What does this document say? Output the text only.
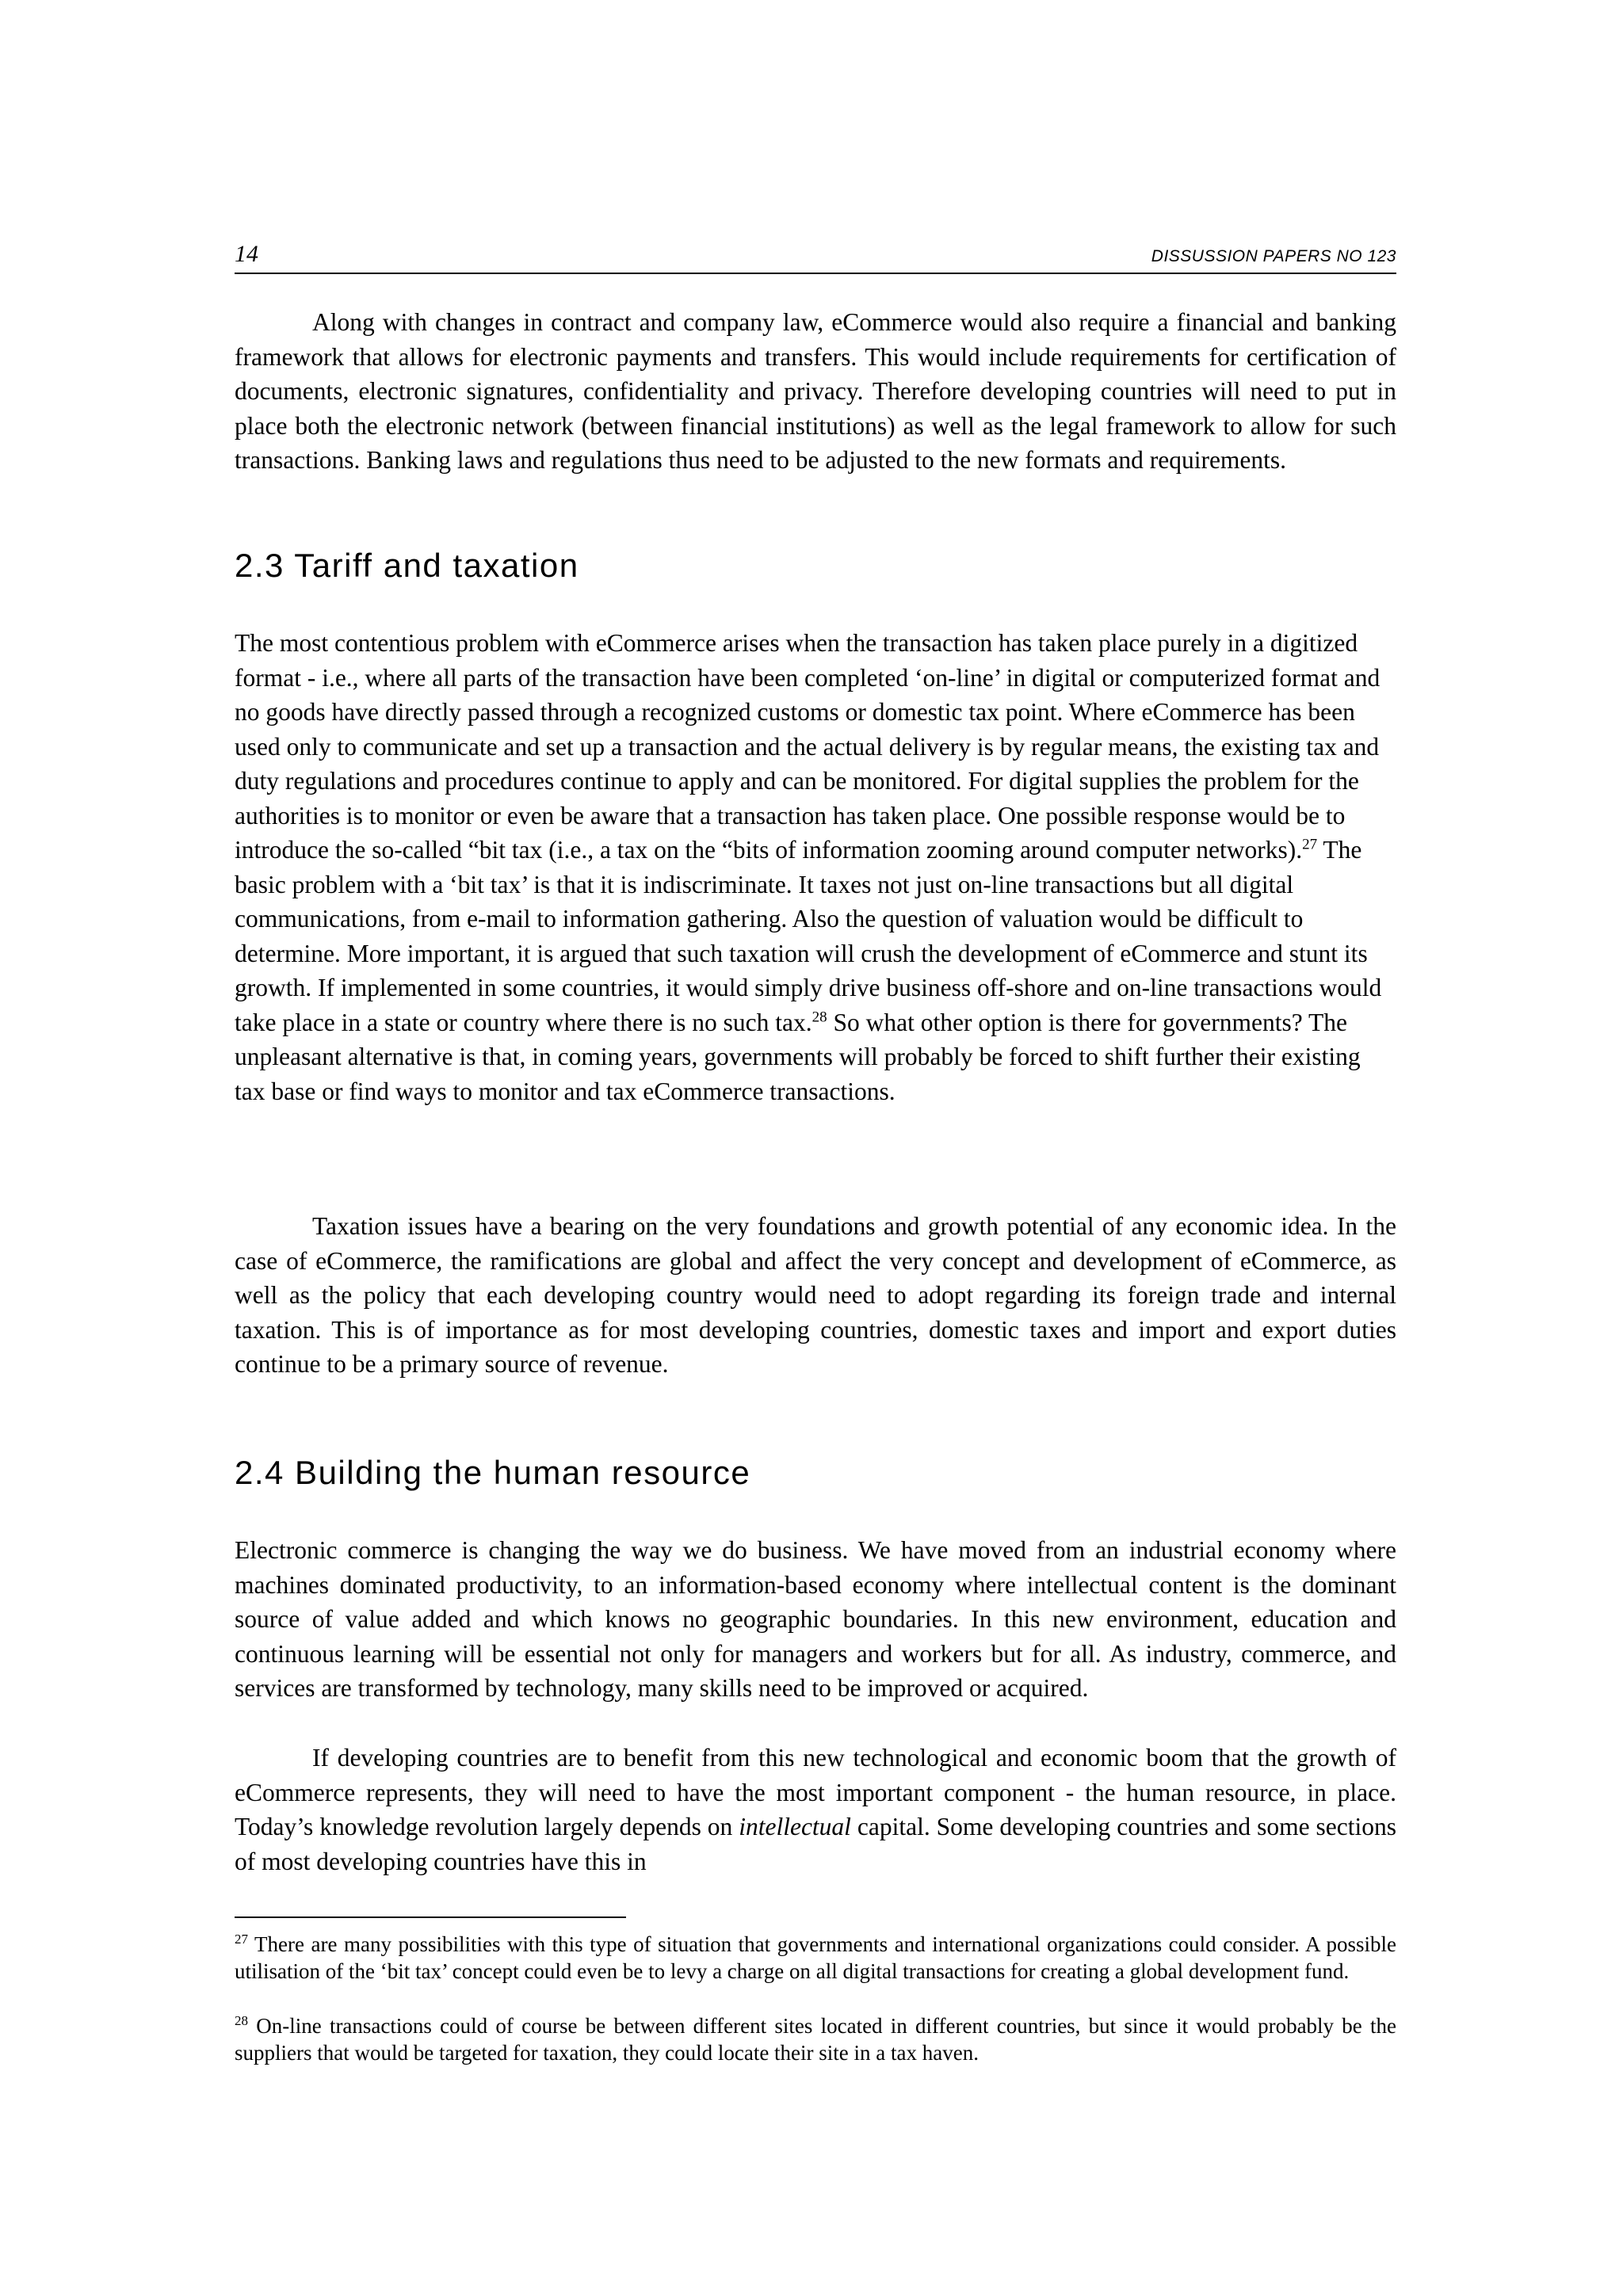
14	DISSUSSION PAPERS NO 123

Along with changes in contract and company law, eCommerce would also require a financial and banking framework that allows for electronic payments and transfers. This would include requirements for certification of documents, electronic signatures, confidentiality and privacy. Therefore developing countries will need to put in place both the electronic network (between financial institutions) as well as the legal framework to allow for such transactions. Banking laws and regulations thus need to be adjusted to the new formats and requirements.

2.3 Tariff and taxation

The most contentious problem with eCommerce arises when the transaction has taken place purely in a digitized format - i.e., where all parts of the transaction have been completed ‘on-line’ in digital or computerized format and no goods have directly passed through a recognized customs or domestic tax point. Where eCommerce has been used only to communicate and set up a transaction and the actual delivery is by regular means, the existing tax and duty regulations and procedures continue to apply and can be monitored. For digital supplies the problem for the authorities is to monitor or even be aware that a transaction has taken place. One possible response would be to introduce the so-called “bit tax (i.e., a tax on the “bits of information zooming around computer networks).$^{27}$ The basic problem with a ‘bit tax’ is that it is indiscriminate. It taxes not just on-line transactions but all digital communications, from e-mail to information gathering. Also the question of valuation would be difficult to determine. More important, it is argued that such taxation will crush the development of eCommerce and stunt its growth. If implemented in some countries, it would simply drive business off-shore and on-line transactions would take place in a state or country where there is no such tax.$^{28}$ So what other option is there for governments? The unpleasant alternative is that, in coming years, governments will probably be forced to shift further their existing tax base or find ways to monitor and tax eCommerce transactions.

Taxation issues have a bearing on the very foundations and growth potential of any economic idea. In the case of eCommerce, the ramifications are global and affect the very concept and development of eCommerce, as well as the policy that each developing country would need to adopt regarding its foreign trade and internal taxation. This is of importance as for most developing countries, domestic taxes and import and export duties continue to be a primary source of revenue.

2.4 Building the human resource

Electronic commerce is changing the way we do business. We have moved from an industrial economy where machines dominated productivity, to an information-based economy where intellectual content is the dominant source of value added and which knows no geographic boundaries. In this new environment, education and continuous learning will be essential not only for managers and workers but for all. As industry, commerce, and services are transformed by technology, many skills need to be improved or acquired.

If developing countries are to benefit from this new technological and economic boom that the growth of eCommerce represents, they will need to have the most important component - the human resource, in place. Today’s knowledge revolution largely depends on intellectual capital. Some developing countries and some sections of most developing countries have this in

$^{27}$ There are many possibilities with this type of situation that governments and international organizations could consider. A possible utilisation of the ‘bit tax’ concept could even be to levy a charge on all digital transactions for creating a global development fund.

$^{28}$ On-line transactions could of course be between different sites located in different countries, but since it would probably be the suppliers that would be targeted for taxation, they could locate their site in a tax haven.
